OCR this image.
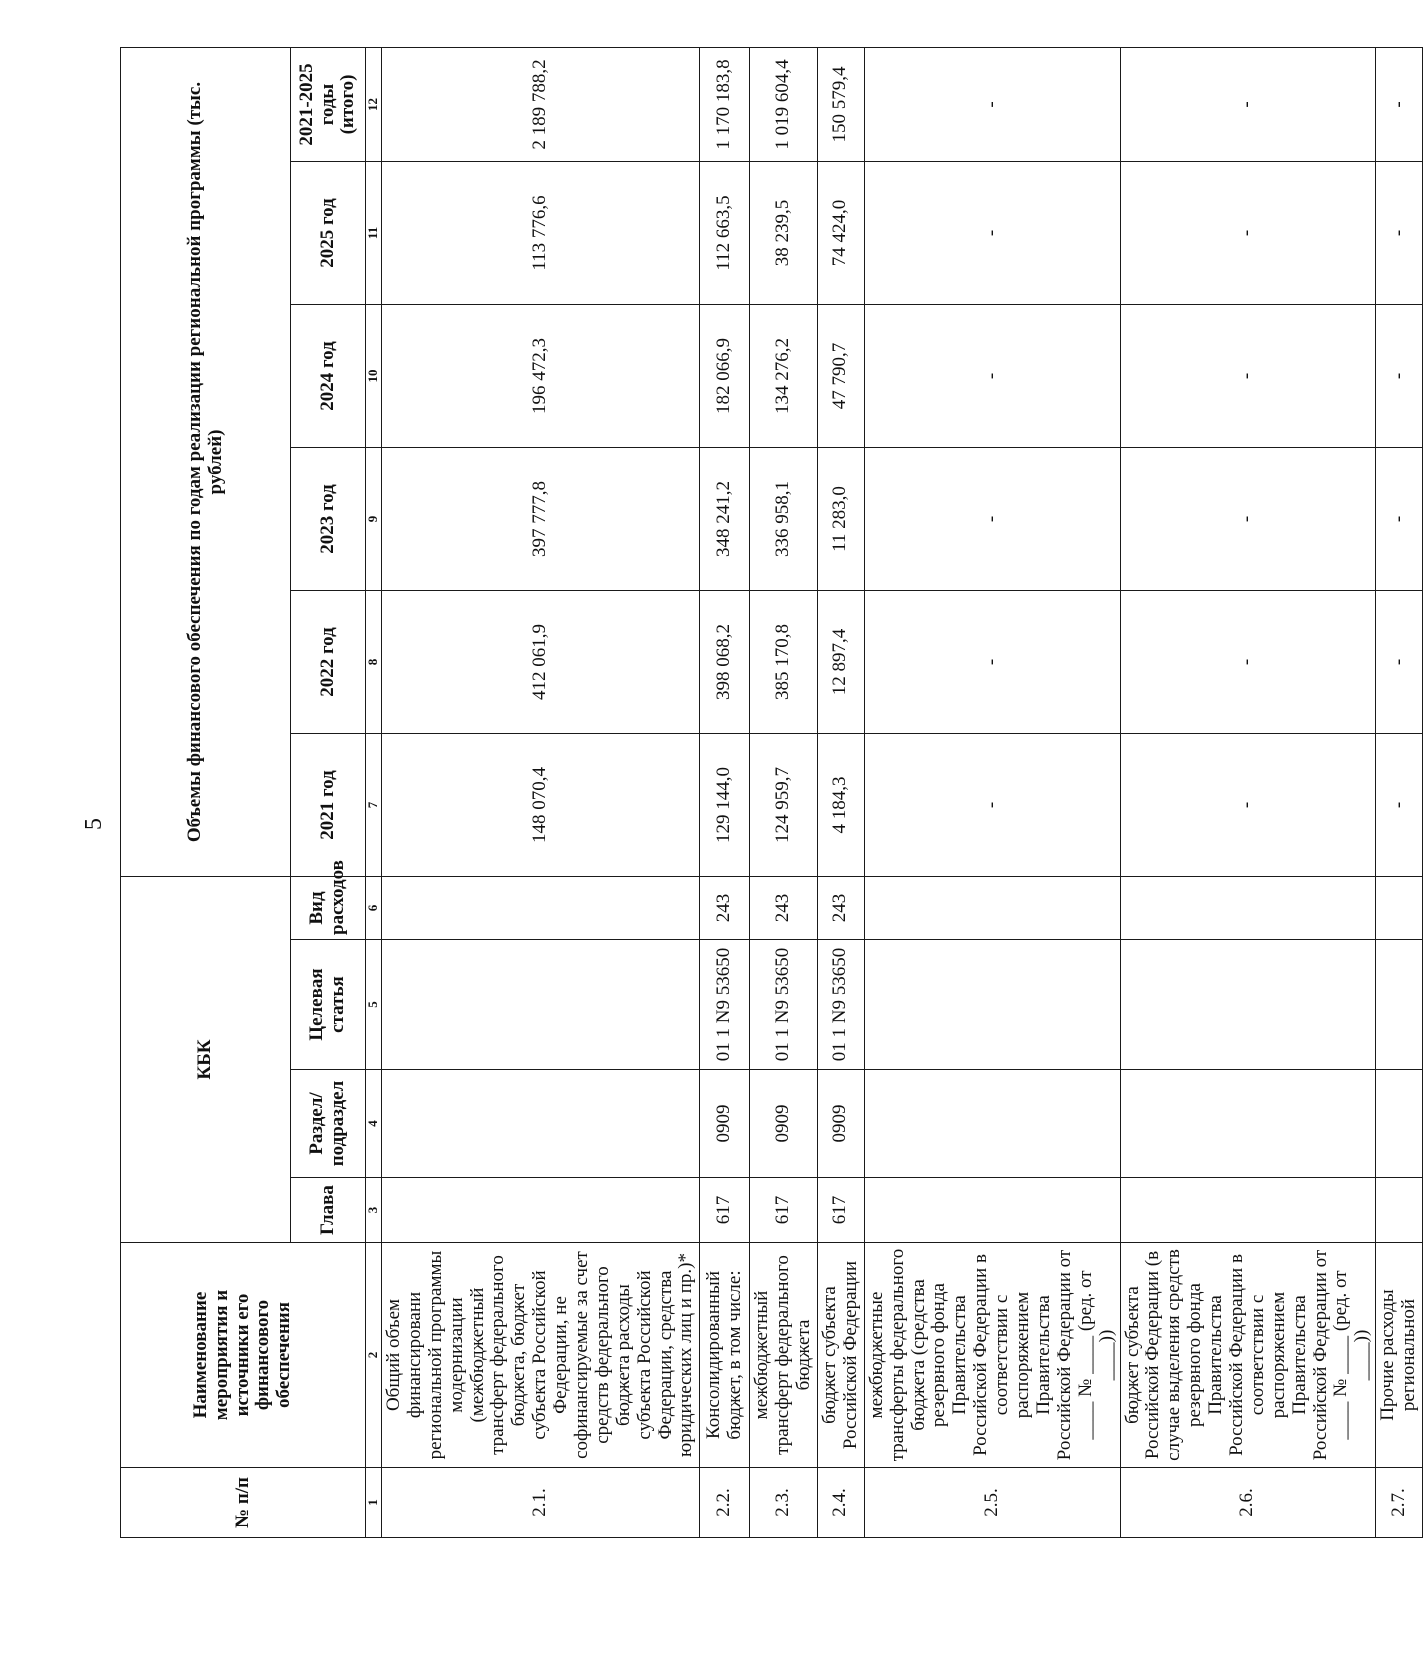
5
№ п/п	Наименование мероприятия и источники его финансового обеспечения	КБК				Объемы финансового обеспечения по годам реализации региональной программы (тыс. рублей)					
		Глава	Раздел/ подраздел	Целевая статья	Вид расходов	2021 год	2022 год	2023 год	2024 год	2025 год	2021-2025 годы (итого)
1	2	3	4	5	6	7	8	9	10	11	12
2.1.	Общий объем финансировани региональной программы модернизации (межбюджетный трансферт федерального бюджета, бюджет субъекта Российской Федерации, не софинансируемые за счет средств федерального бюджета расходы субъекта Российской Федерации, средства юридических лиц и пр.)*					148 070,4	412 061,9	397 777,8	196 472,3	113 776,6	2 189 788,2
2.2.	Консолидированный бюджет, в том числе:	617	0909	01 1 N9 53650	243	129 144,0	398 068,2	348 241,2	182 066,9	112 663,5	1 170 183,8
2.3.	межбюджетный трансферт федерального бюджета	617	0909	01 1 N9 53650	243	124 959,7	385 170,8	336 958,1	134 276,2	38 239,5	1 019 604,4
2.4.	бюджет субъекта Российской Федерации	617	0909	01 1 N9 53650	243	4 184,3	12 897,4	11 283,0	47 790,7	74 424,0	150 579,4
2.5.	межбюджетные трансферты федерального бюджета (средства резервного фонда Правительства Российской Федерации в соответствии с распоряжением Правительства Российской Федерации от ____ № ____ (ред. от ____))					-	-	-	-	-	-
2.6.	бюджет субъекта Российской Федерации (в случае выделения средств резервного фонда Правительства Российской Федерации в соответствии с распоряжением Правительства Российской Федерации от ____ № ____ (ред. от ____))					-	-	-	-	-	-
2.7.	Прочие расходы региональной					-	-	-	-	-	-
